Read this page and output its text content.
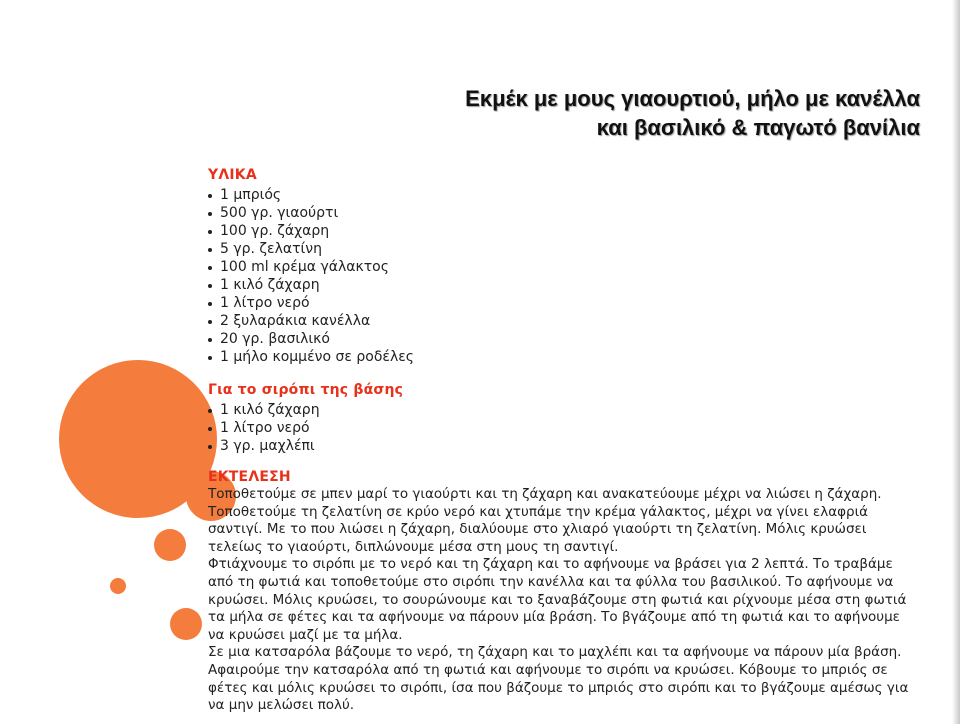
Εκμέκ με μους γιαουρτιού, μήλο με κανέλλα
και βασιλικό & παγωτό βανίλια
ΥΛΙΚΑ
1 μπριός
500 γρ. γιαούρτι
100 γρ. ζάχαρη
5 γρ. ζελατίνη
100 ml κρέμα γάλακτος
1 κιλό ζάχαρη
1 λίτρο νερό
2 ξυλαράκια κανέλλα
20 γρ. βασιλικό
1 μήλο κομμένο σε ροδέλες
Για το σιρόπι της βάσης
1 κιλό ζάχαρη
1 λίτρο νερό
3 γρ. μαχλέπι
ΕΚΤΕΛΕΣΗ

Τοποθετούμε σε μπεν μαρί το γιαούρτι και τη ζάχαρη και ανακατεύουμε μέχρι να λιώσει η ζάχαρη. Τοποθετούμε τη ζελατίνη σε κρύο νερό και χτυπάμε την κρέμα γάλακτος, μέχρι να γίνει ελαφριά σαντιγί. Με το που λιώσει η ζάχαρη, διαλύουμε στο χλιαρό γιαούρτι τη ζελατίνη. Μόλις κρυώσει τελείως το γιαούρτι, διπλώνουμε μέσα στη μους τη σαντιγί.

Φτιάχνουμε το σιρόπι με το νερό και τη ζάχαρη και το αφήνουμε να βράσει για 2 λεπτά. Το τραβάμε από τη φωτιά και τοποθετούμε στο σιρόπι την κανέλλα και τα φύλλα του βασιλικού. Το αφήνουμε να κρυώσει. Μόλις κρυώσει, το σουρώνουμε και το ξαναβάζουμε στη φωτιά και ρίχνουμε μέσα στη φωτιά τα μήλα σε φέτες και τα αφήνουμε να πάρουν μία βράση. Το βγάζουμε από τη φωτιά και το αφήνουμε να κρυώσει μαζί με τα μήλα.

Σε μια κατσαρόλα βάζουμε το νερό, τη ζάχαρη και το μαχλέπι και τα αφήνουμε να πάρουν μία βράση. Αφαιρούμε την κατσαρόλα από τη φωτιά και αφήνουμε το σιρόπι να κρυώσει. Κόβουμε το μπριός σε φέτες και μόλις κρυώσει το σιρόπι, ίσα που βάζουμε το μπριός στο σιρόπι και το βγάζουμε αμέσως για να μην μελώσει πολύ.
